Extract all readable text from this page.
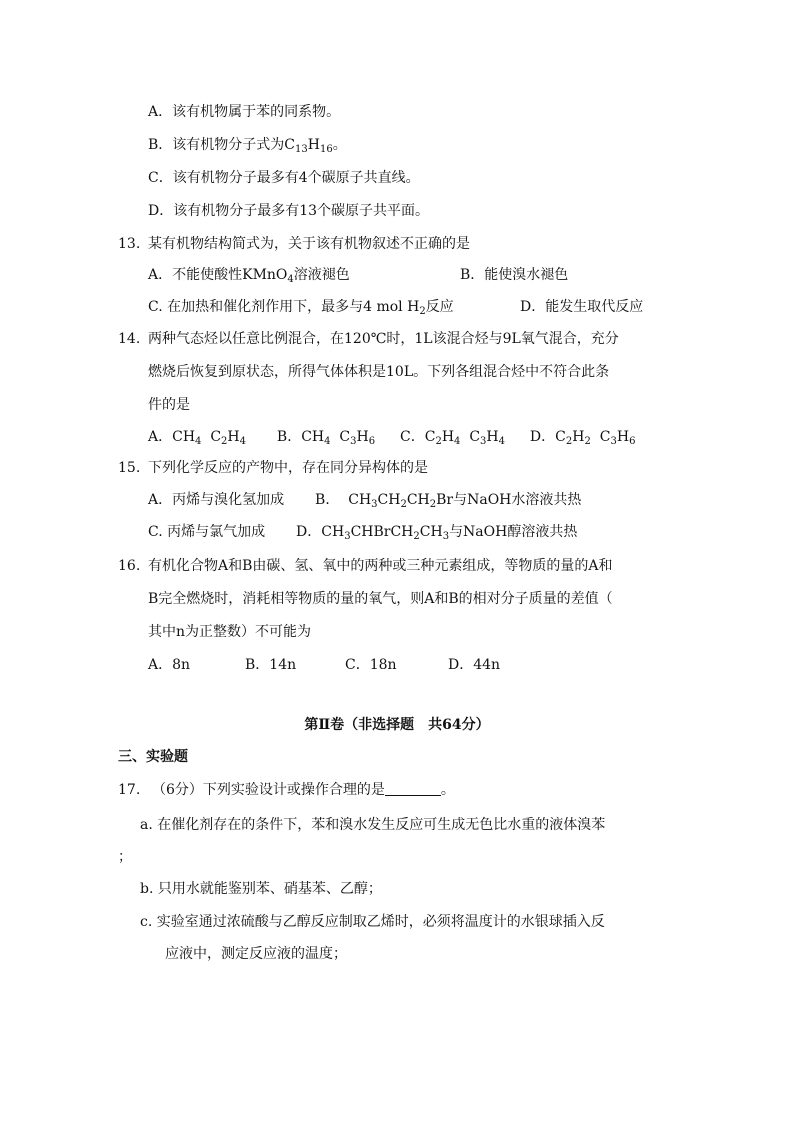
A．该有机物属于苯的同系物。
B．该有机物分子式为$C_{13}H_{16}$。
C．该有机物分子最多有4个碳原子共直线。
D．该有机物分子最多有13个碳原子共平面。
13. 某有机物结构简式为，关于该有机物叙述不正确的是
A．不能使酸性KMnO$_4$溶液褪色	B．能使溴水褪色
C. 在加热和催化剂作用下，最多与4 mol $H_2$反应	D．能发生取代反应
14. 两种气态烃以任意比例混合，在120℃时，1L该混合烃与9L氧气混合，充分
燃烧后恢复到原状态，所得气体体积是10L。下列各组混合烃中不符合此条
件的是
A．$CH_4$ $C_2H_4$ B．$CH_4$ $C_3H_6$ C．$C_2H_4$ $C_3H_4$ D．$C_2H_2$ $C_3H_6$
15. 下列化学反应的产物中，存在同分异构体的是
A．丙烯与溴化氢加成 B． $CH_3CH_2CH_2Br$与NaOH水溶液共热
C. 丙烯与氯气加成 D．$CH_3CHBrCH_2CH_3$与NaOH醇溶液共热
16. 有机化合物A和B由碳、氢、氧中的两种或三种元素组成，等物质的量的A和
B完全燃烧时，消耗相等物质的量的氧气，则A和B的相对分子质量的差值（
其中n为正整数）不可能为
A．8n	B．14n	C．18n	D．44n
第Ⅱ卷（非选择题　共64分）
三、实验题
17. （6分）下列实验设计或操作合理的是	。
a. 在催化剂存在的条件下，苯和溴水发生反应可生成无色比水重的液体溴苯
；
b. 只用水就能鉴别苯、硝基苯、乙醇；
c. 实验室通过浓硫酸与乙醇反应制取乙烯时，必须将温度计的水银球插入反
应液中，测定反应液的温度；
